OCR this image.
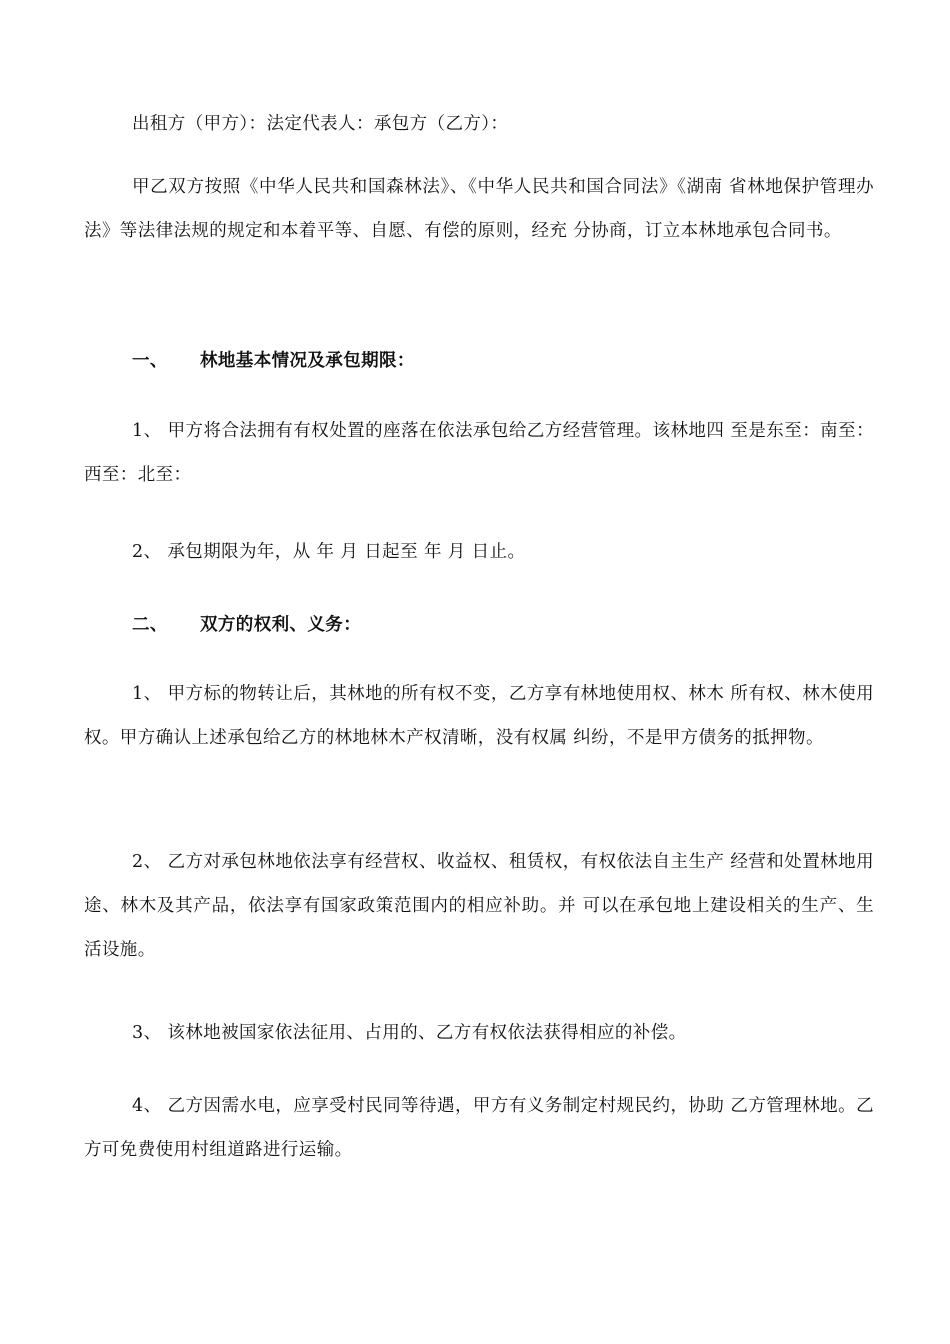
出租方（甲方）：法定代表人：承包方（乙方）：

甲乙双方按照《中华人民共和国森林法》、《中华人民共和国合同法》《湖南 省林地保护管理办法》等法律法规的规定和本着平等、自愿、有偿的原则，经充 分协商，订立本林地承包合同书。

一、 林地基本情况及承包期限：

1、 甲方将合法拥有有权处置的座落在依法承包给乙方经营管理。该林地四 至是东至：南至：西至：北至：

2、 承包期限为年，从 年 月 日起至 年 月 日止。

二、 双方的权利、义务：

1、 甲方标的物转让后，其林地的所有权不变，乙方享有林地使用权、林木 所有权、林木使用权。甲方确认上述承包给乙方的林地林木产权清晰，没有权属 纠纷，不是甲方债务的抵押物。

2、 乙方对承包林地依法享有经营权、收益权、租赁权，有权依法自主生产 经营和处置林地用途、林木及其产品，依法享有国家政策范围内的相应补助。并 可以在承包地上建设相关的生产、生活设施。

3、 该林地被国家依法征用、占用的、乙方有权依法获得相应的补偿。

4、 乙方因需水电，应享受村民同等待遇，甲方有义务制定村规民约，协助 乙方管理林地。乙方可免费使用村组道路进行运输。
